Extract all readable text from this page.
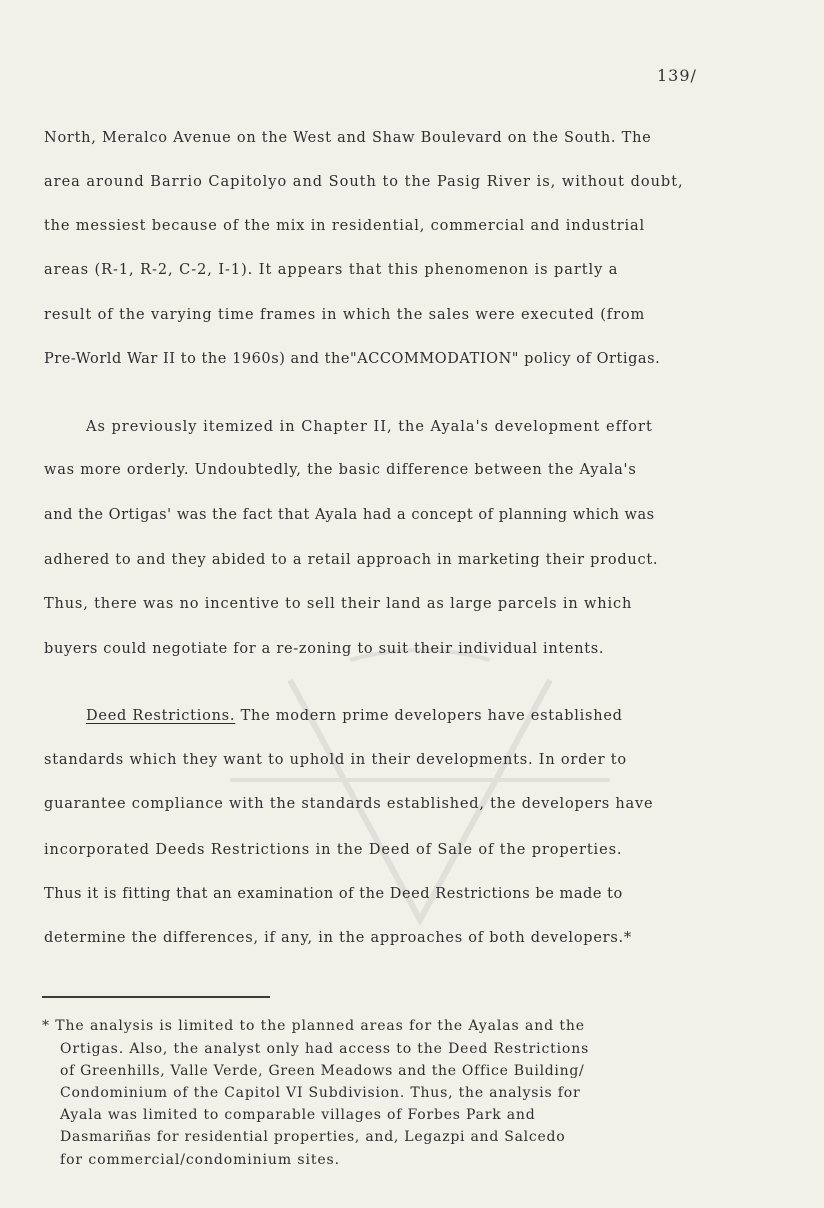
139/
North, Meralco Avenue on the West and Shaw Boulevard on the South. The
area around Barrio Capitolyo and South to the Pasig River is, without doubt,
the messiest because of the mix in residential, commercial and industrial
areas (R-1, R-2, C-2, I-1). It appears that this phenomenon is partly a
result of the varying time frames in which the sales were executed (from
Pre-World War II to the 1960s) and the"ACCOMMODATION" policy of Ortigas.
As previously itemized in Chapter II, the Ayala's development effort
was more orderly. Undoubtedly, the basic difference between the Ayala's
and the Ortigas' was the fact that Ayala had a concept of planning which was
adhered to and they abided to a retail approach in marketing their product.
Thus, there was no incentive to sell their land as large parcels in which
buyers could negotiate for a re-zoning to suit their individual intents.
Deed Restrictions. The modern prime developers have established
standards which they want to uphold in their developments. In order to
guarantee compliance with the standards established, the developers have
incorporated Deeds Restrictions in the Deed of Sale of the properties.
Thus it is fitting that an examination of the Deed Restrictions be made to
determine the differences, if any, in the approaches of both developers.*
* The analysis is limited to the planned areas for the Ayalas and the
Ortigas. Also, the analyst only had access to the Deed Restrictions
of Greenhills, Valle Verde, Green Meadows and the Office Building/
Condominium of the Capitol VI Subdivision. Thus, the analysis for
Ayala was limited to comparable villages of Forbes Park and
Dasmariñas for residential properties, and, Legazpi and Salcedo
for commercial/condominium sites.
